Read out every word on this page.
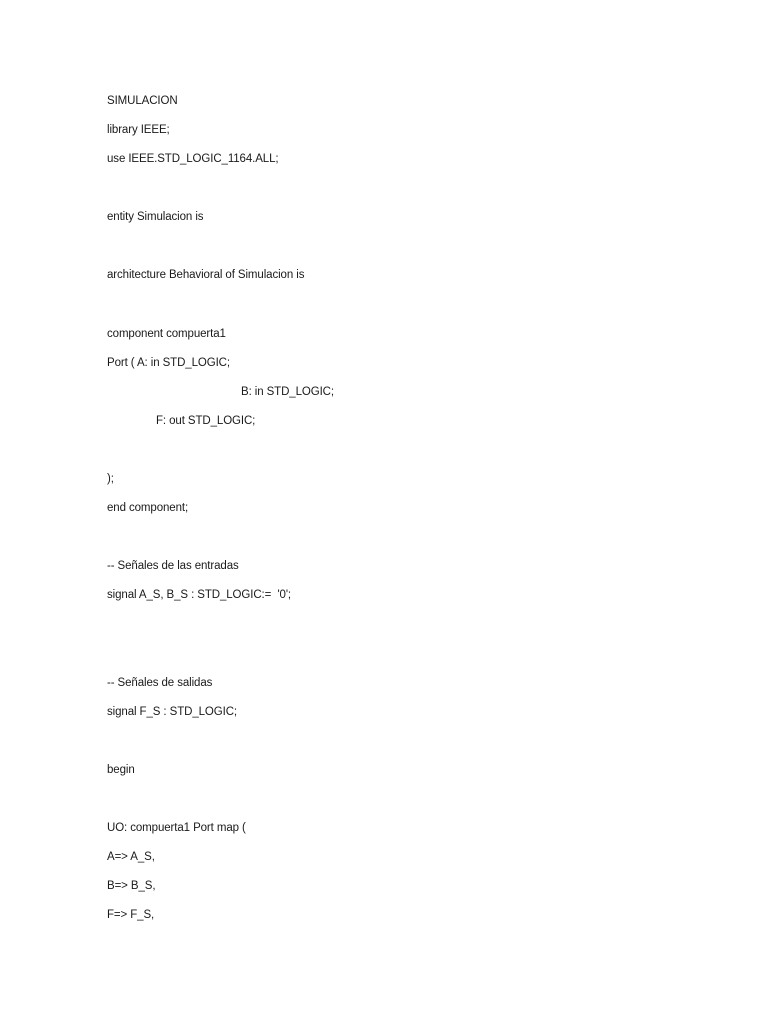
SIMULACION
library IEEE;
use IEEE.STD_LOGIC_1164.ALL;
entity Simulacion is
architecture Behavioral of Simulacion is
component compuerta1
Port ( A: in STD_LOGIC;
B: in STD_LOGIC;
F: out STD_LOGIC;
);
end component;
-- Señales de las entradas
signal A_S, B_S : STD_LOGIC:=  '0';
-- Señales de salidas
signal F_S : STD_LOGIC;
begin
UO: compuerta1 Port map (
A=> A_S,
B=> B_S,
F=> F_S,
